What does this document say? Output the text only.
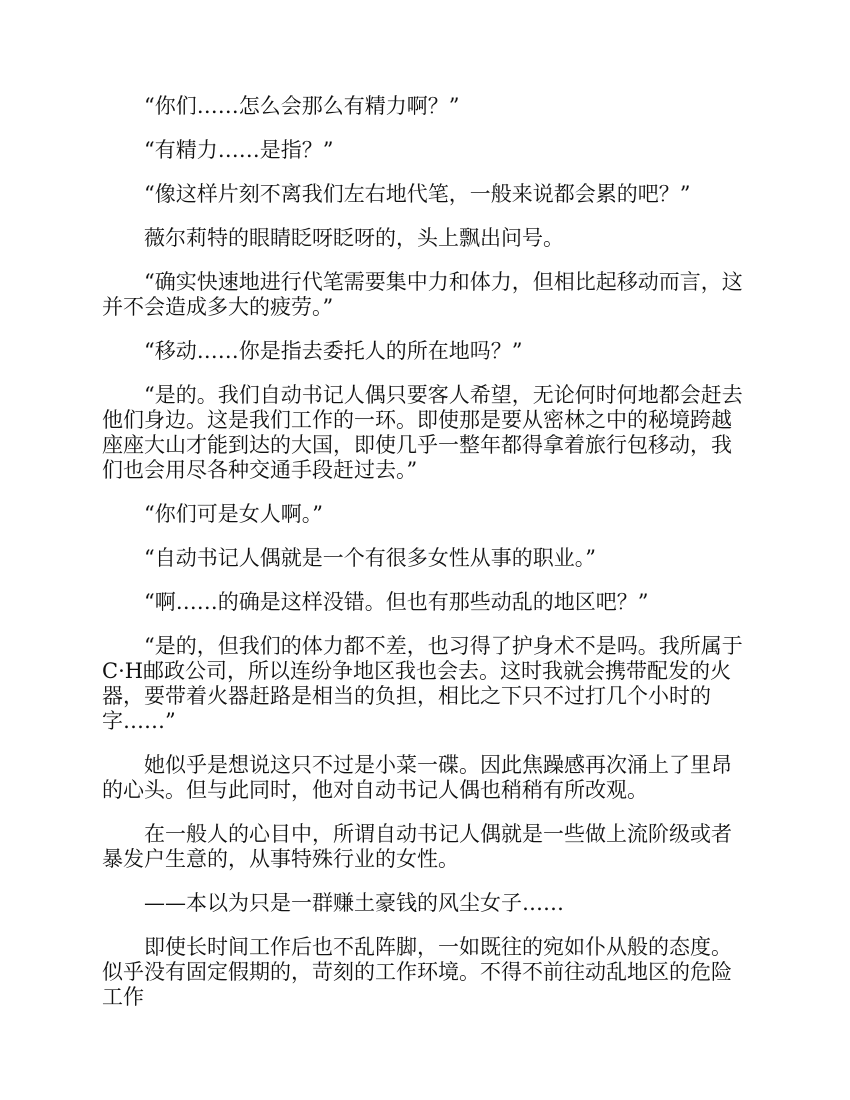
“你们……怎么会那么有精力啊？”

“有精力……是指？”

“像这样片刻不离我们左右地代笔，一般来说都会累的吧？”

薇尔莉特的眼睛眨呀眨呀的，头上飘出问号。

“确实快速地进行代笔需要集中力和体力，但相比起移动而言，这并不会造成多大的疲劳。”

“移动……你是指去委托人的所在地吗？”

“是的。我们自动书记人偶只要客人希望，无论何时何地都会赶去他们身边。这是我们工作的一环。即使那是要从密林之中的秘境跨越座座大山才能到达的大国，即使几乎一整年都得拿着旅行包移动，我们也会用尽各种交通手段赶过去。”

“你们可是女人啊。”

“自动书记人偶就是一个有很多女性从事的职业。”

“啊……的确是这样没错。但也有那些动乱的地区吧？”

“是的，但我们的体力都不差，也习得了护身术不是吗。我所属于C·H邮政公司，所以连纷争地区我也会去。这时我就会携带配发的火器，要带着火器赶路是相当的负担，相比之下只不过打几个小时的字……”

她似乎是想说这只不过是小菜一碟。因此焦躁感再次涌上了里昂的心头。但与此同时，他对自动书记人偶也稍稍有所改观。

在一般人的心目中，所谓自动书记人偶就是一些做上流阶级或者暴发户生意的，从事特殊行业的女性。

——本以为只是一群赚土豪钱的风尘女子……

即使长时间工作后也不乱阵脚，一如既往的宛如仆从般的态度。似乎没有固定假期的，苛刻的工作环境。不得不前往动乱地区的危险工作
